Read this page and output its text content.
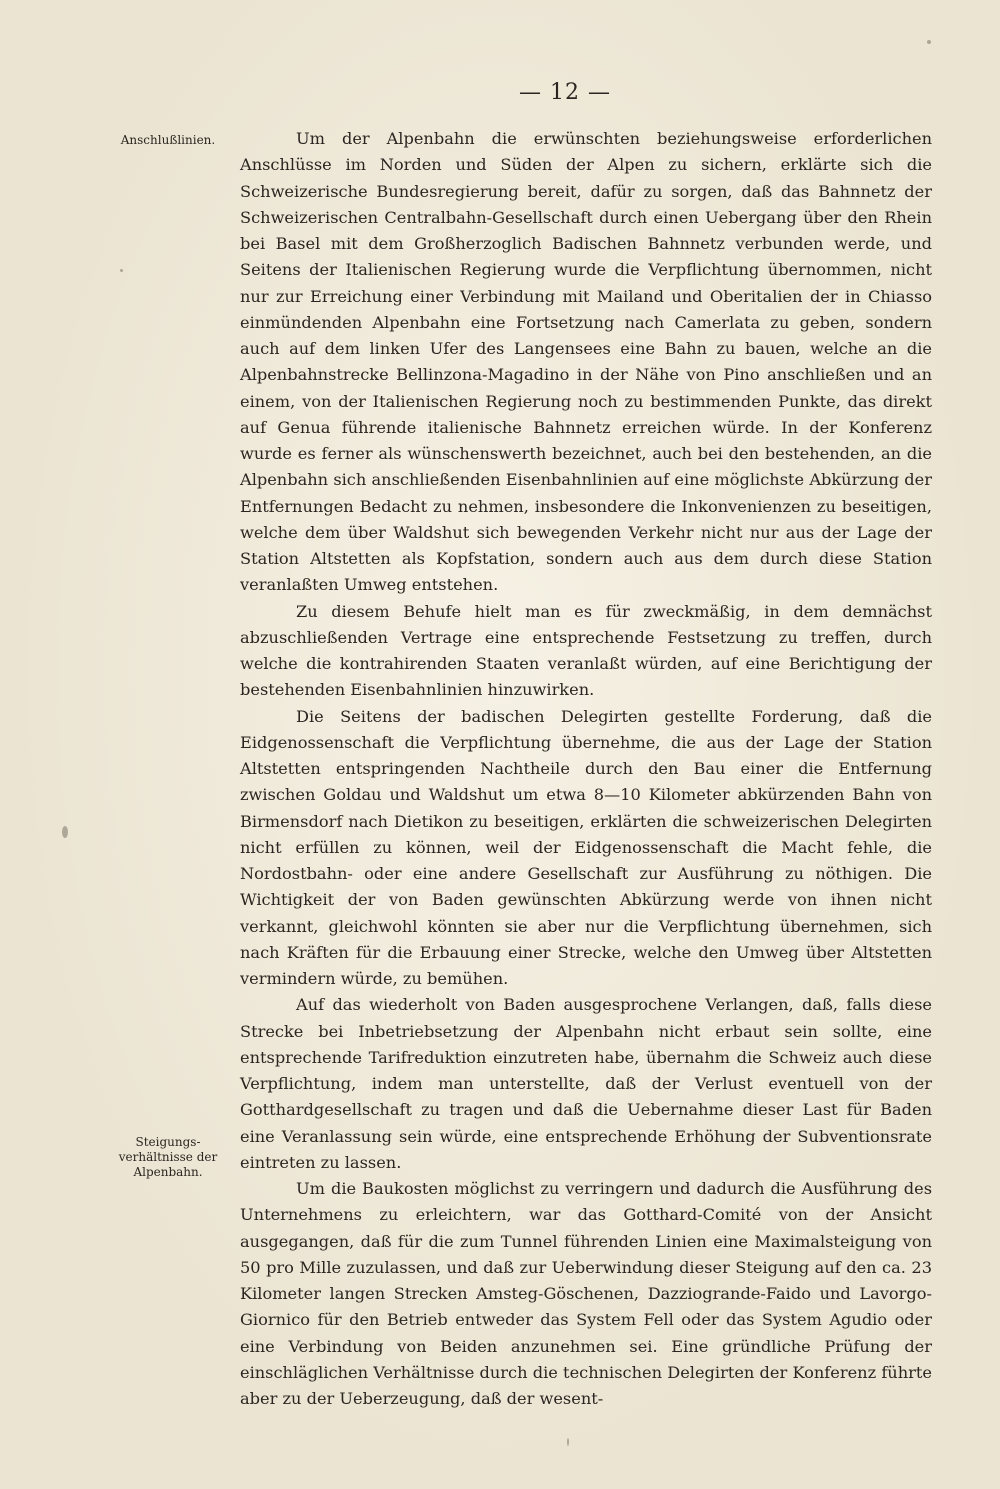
— 12 —
Anschlußlinien.
Steigungs-verhältnisse der Alpenbahn.

Um der Alpenbahn die erwünschten beziehungsweise erforderlichen Anschlüsse im Norden und Süden der Alpen zu sichern, erklärte sich die Schweizerische Bundesregierung bereit, dafür zu sorgen, daß das Bahnnetz der Schweizerischen Centralbahn-Gesellschaft durch einen Uebergang über den Rhein bei Basel mit dem Großherzoglich Badischen Bahnnetz verbunden werde, und Seitens der Italienischen Regierung wurde die Verpflichtung übernommen, nicht nur zur Erreichung einer Verbindung mit Mailand und Oberitalien der in Chiasso einmündenden Alpenbahn eine Fortsetzung nach Camerlata zu geben, sondern auch auf dem linken Ufer des Langensees eine Bahn zu bauen, welche an die Alpenbahnstrecke Bellinzona-Magadino in der Nähe von Pino anschließen und an einem, von der Italienischen Regierung noch zu bestimmenden Punkte, das direkt auf Genua führende italienische Bahnnetz erreichen würde. In der Konferenz wurde es ferner als wünschenswerth bezeichnet, auch bei den bestehenden, an die Alpenbahn sich anschließenden Eisenbahnlinien auf eine möglichste Abkürzung der Entfernungen Bedacht zu nehmen, insbesondere die Inkonvenienzen zu beseitigen, welche dem über Waldshut sich bewegenden Verkehr nicht nur aus der Lage der Station Altstetten als Kopfstation, sondern auch aus dem durch diese Station veranlaßten Umweg entstehen.

Zu diesem Behufe hielt man es für zweckmäßig, in dem demnächst abzuschließenden Vertrage eine entsprechende Festsetzung zu treffen, durch welche die kontrahirenden Staaten veranlaßt würden, auf eine Berichtigung der bestehenden Eisenbahnlinien hinzuwirken.

Die Seitens der badischen Delegirten gestellte Forderung, daß die Eidgenossenschaft die Verpflichtung übernehme, die aus der Lage der Station Altstetten entspringenden Nachtheile durch den Bau einer die Entfernung zwischen Goldau und Waldshut um etwa 8—10 Kilometer abkürzenden Bahn von Birmensdorf nach Dietikon zu beseitigen, erklärten die schweizerischen Delegirten nicht erfüllen zu können, weil der Eidgenossenschaft die Macht fehle, die Nordostbahn- oder eine andere Gesellschaft zur Ausführung zu nöthigen. Die Wichtigkeit der von Baden gewünschten Abkürzung werde von ihnen nicht verkannt, gleichwohl könnten sie aber nur die Verpflichtung übernehmen, sich nach Kräften für die Erbauung einer Strecke, welche den Umweg über Altstetten vermindern würde, zu bemühen.

Auf das wiederholt von Baden ausgesprochene Verlangen, daß, falls diese Strecke bei Inbetriebsetzung der Alpenbahn nicht erbaut sein sollte, eine entsprechende Tarifreduktion einzutreten habe, übernahm die Schweiz auch diese Verpflichtung, indem man unterstellte, daß der Verlust eventuell von der Gotthardgesellschaft zu tragen und daß die Uebernahme dieser Last für Baden eine Veranlassung sein würde, eine entsprechende Erhöhung der Subventionsrate eintreten zu lassen.

Um die Baukosten möglichst zu verringern und dadurch die Ausführung des Unternehmens zu erleichtern, war das Gotthard-Comité von der Ansicht ausgegangen, daß für die zum Tunnel führenden Linien eine Maximalsteigung von 50 pro Mille zuzulassen, und daß zur Ueberwindung dieser Steigung auf den ca. 23 Kilometer langen Strecken Amsteg-Göschenen, Dazziogrande-Faido und Lavorgo-Giornico für den Betrieb entweder das System Fell oder das System Agudio oder eine Verbindung von Beiden anzunehmen sei. Eine gründliche Prüfung der einschläglichen Verhältnisse durch die technischen Delegirten der Konferenz führte aber zu der Ueberzeugung, daß der wesent-
